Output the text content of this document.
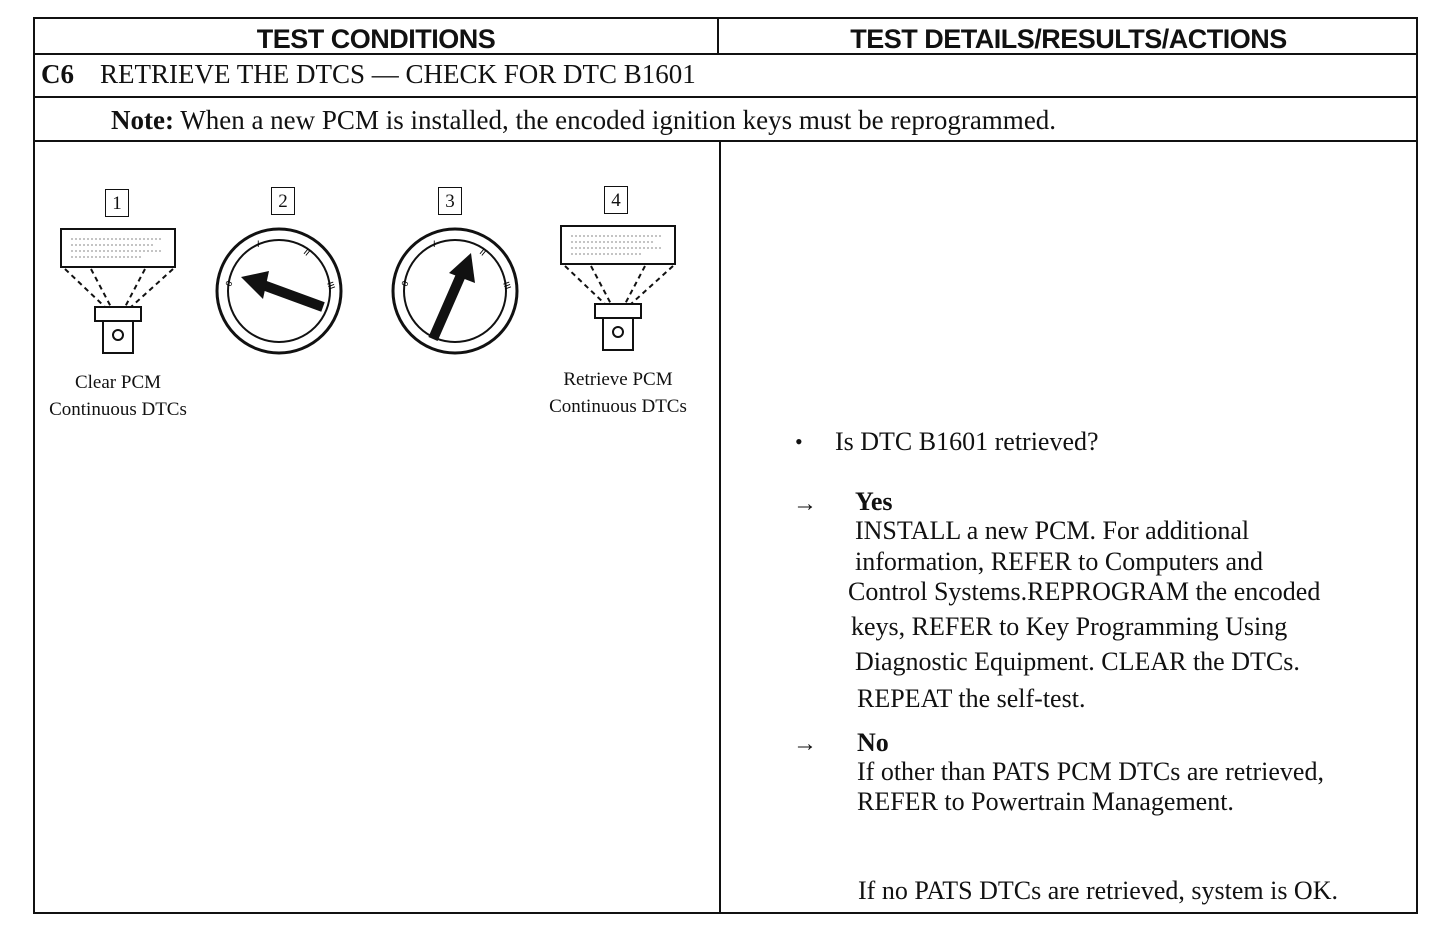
TEST CONDITIONS	TEST DETAILS/RESULTS/ACTIONS
C6 RETRIEVE THE DTCS — CHECK FOR DTC B1601
Note: When a new PCM is installed, the encoded ignition keys must be reprogrammed.
1	2	3	4
0
I
II
III	0
I
II
III
Clear PCM
Continuous DTCs
Retrieve PCM
Continuous DTCs
• Is DTC B1601 retrieved?
→ Yes
INSTALL a new PCM. For additional
information, REFER to Computers and
Control Systems.REPROGRAM the encoded
keys, REFER to Key Programming Using
Diagnostic Equipment. CLEAR the DTCs.
REPEAT the self-test.
→ No
If other than PATS PCM DTCs are retrieved,
REFER to Powertrain Management.
If no PATS DTCs are retrieved, system is OK.
